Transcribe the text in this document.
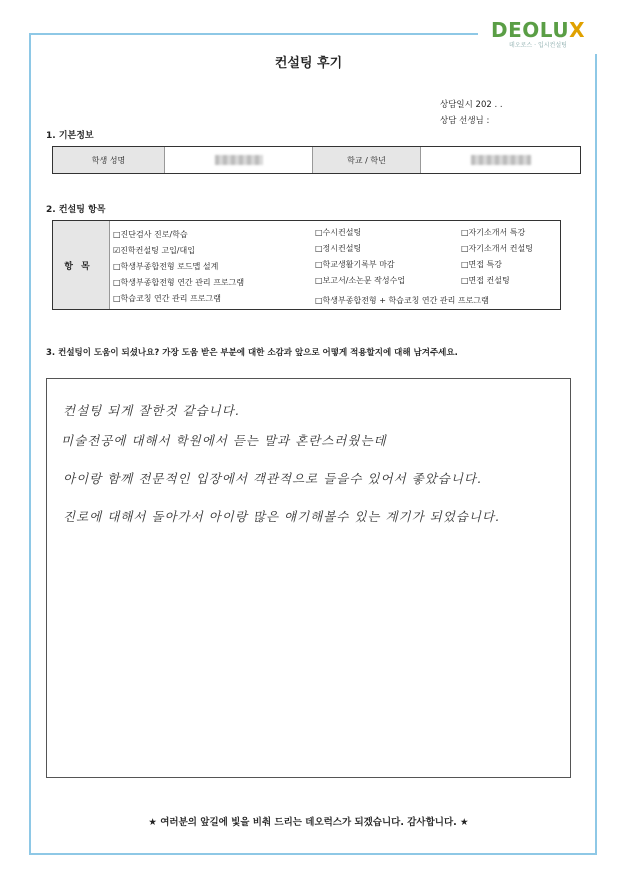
DEOLUX
데오로스 · 입시컨설팅
컨설팅 후기
상담일시 202 . .
상담 선생님 :
1. 기본정보
학생 성명	학교 / 학년
2. 컨설팅 항목
항목
□진단검사 진로/학습
☑진학컨설팅 고입/대입
□학생부종합전형 로드맵 설계
□학생부종합전형 연간 관리 프로그램
□학습코칭 연간 관리 프로그램
□수시컨설팅
□정시컨설팅
□학교생활기록부 마감
□보고서/소논문 작성수업
□학생부종합전형 + 학습코칭 연간 관리 프로그램
□자기소개서 특강
□자기소개서 컨설팅
□면접 특강
□면접 컨설팅
3. 컨설팅이 도움이 되셨나요? 가장 도움 받은 부분에 대한 소감과 앞으로 어떻게 적용할지에 대해 남겨주세요.
컨설팅 되게 잘한것 같습니다.
미술전공에 대해서 학원에서 듣는 말과 혼란스러웠는데
아이랑 함께 전문적인 입장에서 객관적으로 들을수 있어서 좋았습니다.
진로에 대해서 돌아가서 아이랑 많은 얘기해볼수 있는 계기가 되었습니다.
★ 여러분의 앞길에 빛을 비춰 드리는 데오럭스가 되겠습니다. 감사합니다. ★
